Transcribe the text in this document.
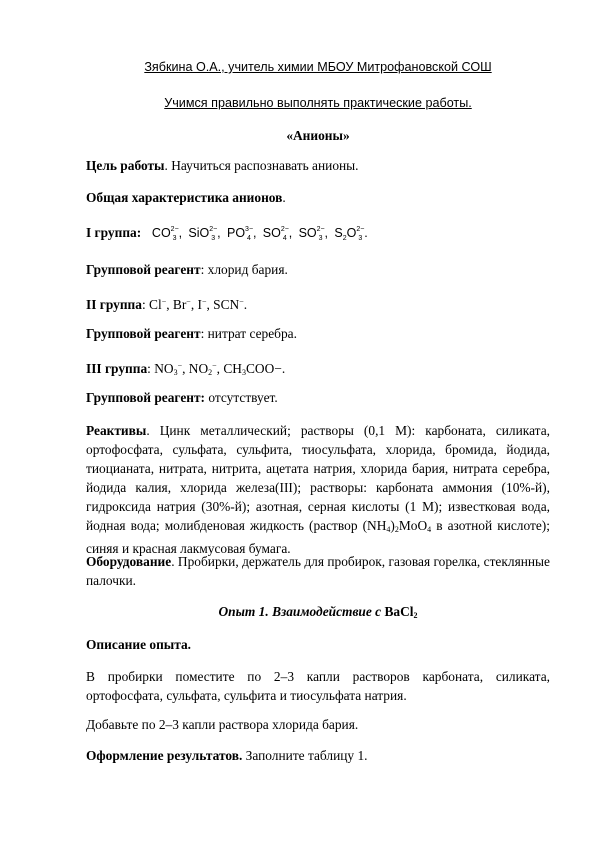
Зябкина О.А., учитель химии МБОУ Митрофановской СОШ
Учимся правильно выполнять практические работы.
«Анионы»
Цель работы. Научиться распознавать анионы.
Общая характеристика анионов.
I группа: $CO^{2-}_3$ , SiO$^{2-}_3$ , $PO^{3-}_4$ , $SO^{2-}_4$ , $SO^{2-}_3$ , $S_2O^{2-}_3$ .
Групповой реагент: хлорид бария.
II группа: Cl−, Br−, I−, SCN−.
Групповой реагент: нитрат серебра.
III группа: NO3−, NO2−, CH3COO−.
Групповой реагент: отсутствует.
Реактивы. Цинк металлический; растворы (0,1 М): карбоната, силиката, ортофосфата, сульфата, сульфита, тиосульфата, хлорида, бромида, йодида, тиоцианата, нитрата, нитрита, ацетата натрия, хлорида бария, нитрата серебра, йодида калия, хлорида железа(III); растворы: карбоната аммония (10%-й), гидроксида натрия (30%-й); азотная, серная кислоты (1 М); известковая вода, йодная вода; молибденовая жидкость (раствор (NH4)2MoO4 в азотной кислоте); синяя и красная лакмусовая бумага.
Оборудование. Пробирки, держатель для пробирок, газовая горелка, стеклянные палочки.
Опыт 1. Взаимодействие с BaCl2
Описание опыта.
В пробирки поместите по 2–3 капли растворов карбоната, силиката, ортофосфата, сульфата, сульфита и тиосульфата натрия.
Добавьте по 2–3 капли раствора хлорида бария.
Оформление результатов. Заполните таблицу 1.
